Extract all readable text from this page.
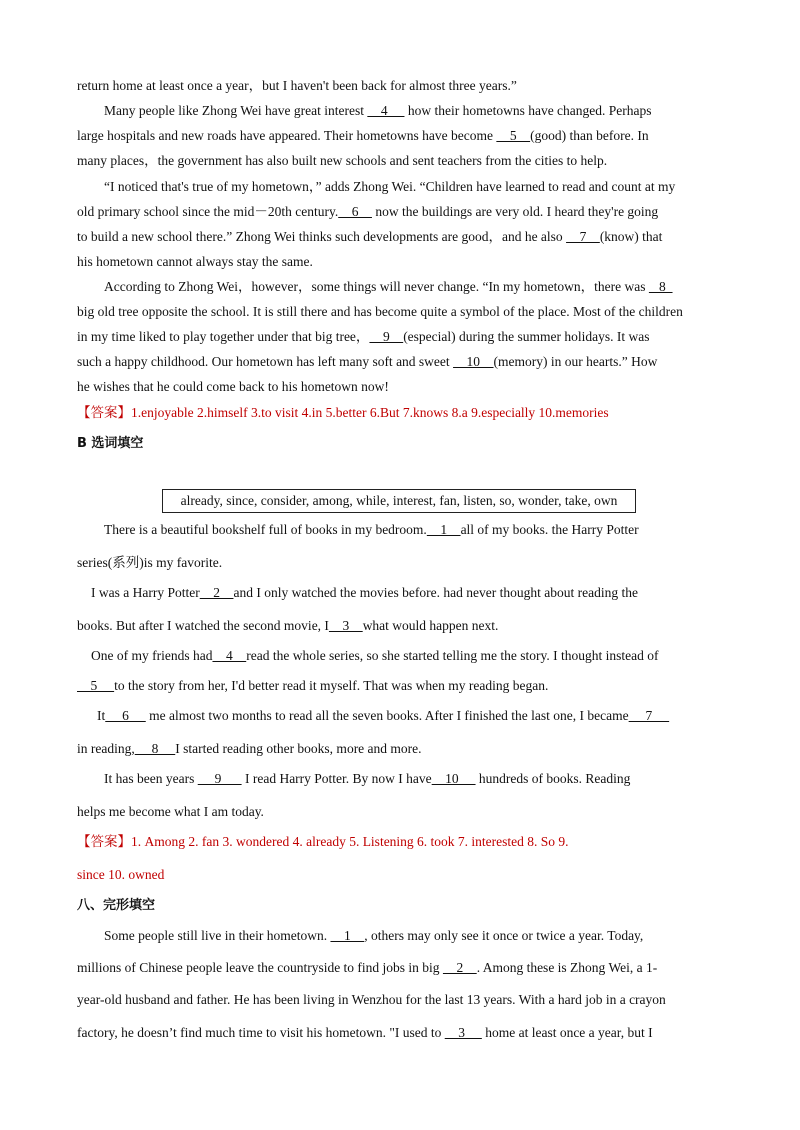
return home at least once a year，but I haven't been back for almost three years.”
Many people like Zhong Wei have great interest     4      how their hometowns have changed. Perhaps
large hospitals and new roads have appeared. Their hometowns have become     5    (good) than before. In
many places，the government has also built new schools and sent teachers from the cities to help.
“I noticed that's true of my hometown，” adds Zhong Wei. “Children have learned to read and count at my
old primary school since the mid－20th century.    6     now the buildings are very old. I heard they're going
to build a new school there.” Zhong Wei thinks such developments are good，and he also     7    (know) that
his hometown cannot always stay the same.
According to Zhong Wei，however，some things will never change. “In my hometown，there was    8
big old tree opposite the school. It is still there and has become quite a symbol of the place. Most of the children
in my time liked to play together under that big tree，    9    (especial) during the summer holidays. It was
such a happy childhood. Our hometown has left many soft and sweet     10    (memory) in our hearts.” How
he wishes that he could come back to his hometown now!
【答案】1.enjoyable 2.himself 3.to visit 4.in 5.better 6.But 7.knows 8.a 9.especially 10.memories
B 选词填空
already, since, consider, among, while, interest, fan, listen, so, wonder, take, own
There is a beautiful bookshelf full of books in my bedroom.    1    all of my books. the Harry Potter
series(系列)is my favorite.
I was a Harry Potter    2    and I only watched the movies before. had never thought about reading the
books. But after I watched the second movie, I    3    what would happen next.
One of my friends had    4    read the whole series, so she started telling me the story. I thought instead of
5     to the story from her, I'd better read it myself. That was when my reading began.
It     6      me almost two months to read all the seven books. After I finished the last one, I became     7
in reading,     8     I started reading other books, more and more.
It has been years      9       I read Harry Potter. By now I have    10      hundreds of books. Reading
helps me become what I am today.
【答案】1. Among 2. fan 3. wondered 4. already 5. Listening 6. took 7. interested 8. So 9.
since 10. owned
八、完形填空
Some people still live in their hometown.     1    , others may only see it once or twice a year. Today,
millions of Chinese people leave the countryside to find jobs in big     2    . Among these is Zhong Wei, a 1-
year-old husband and father. He has been living in Wenzhou for the last 13 years. With a hard job in a crayon
factory, he doesn’t find much time to visit his hometown. "I used to     3      home at least once a year, but I
